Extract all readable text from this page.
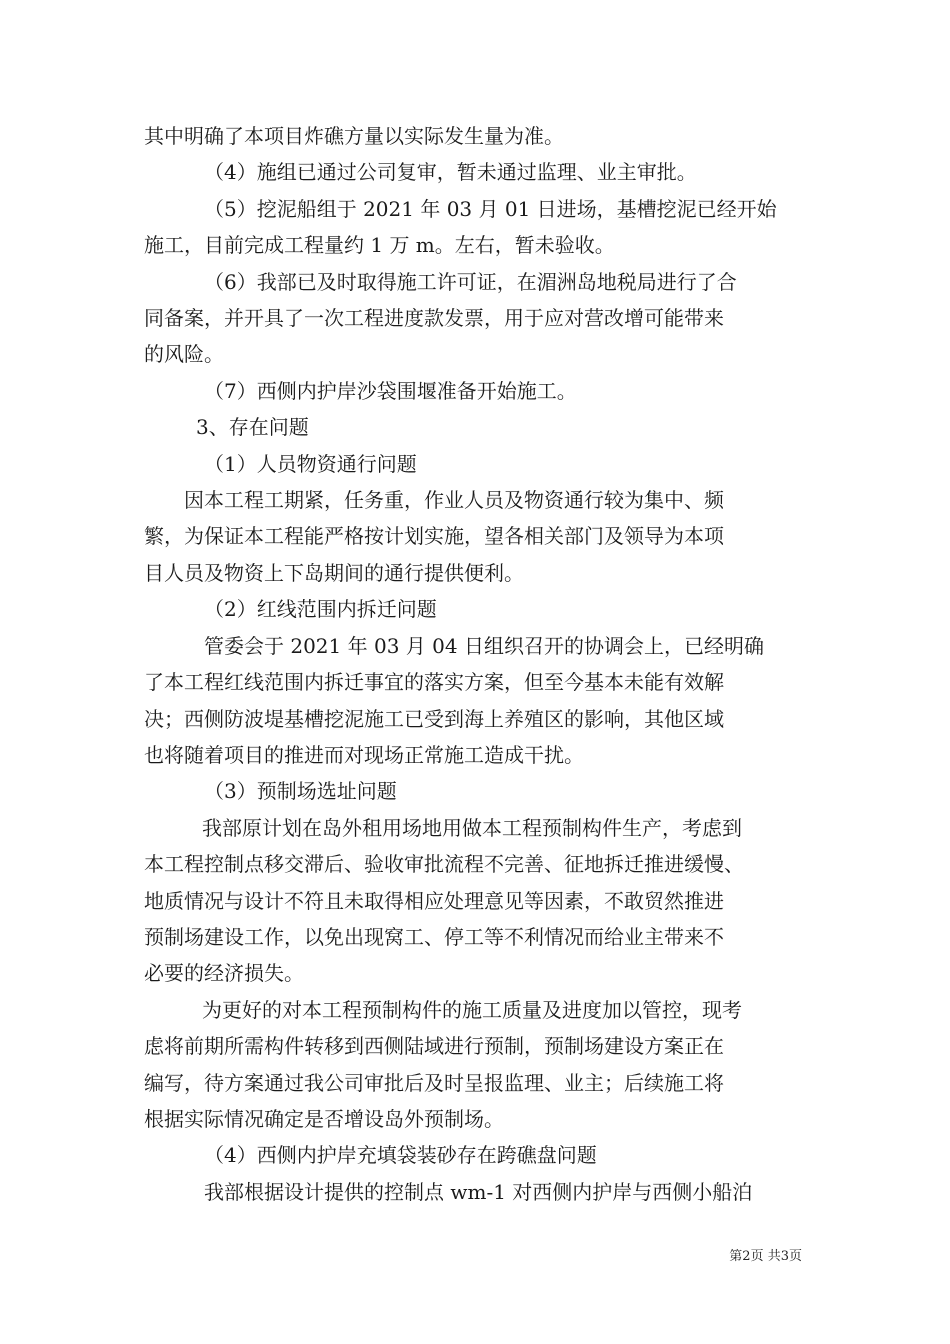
其中明确了本项目炸礁方量以实际发生量为准。

（4）施组已通过公司复审，暂未通过监理、业主审批。

（5）挖泥船组于 2021 年 03 月 01 日进场，基槽挖泥已经开始
施工，目前完成工程量约 1 万 m。左右，暂未验收。

（6）我部已及时取得施工许可证，在湄洲岛地税局进行了合
同备案，并开具了一次工程进度款发票，用于应对营改增可能带来
的风险。

（7）西侧内护岸沙袋围堰准备开始施工。

3、存在问题

（1）人员物资通行问题

因本工程工期紧，任务重，作业人员及物资通行较为集中、频
繁，为保证本工程能严格按计划实施，望各相关部门及领导为本项
目人员及物资上下岛期间的通行提供便利。

（2）红线范围内拆迁问题

管委会于 2021 年 03 月 04 日组织召开的协调会上，已经明确
了本工程红线范围内拆迁事宜的落实方案，但至今基本未能有效解
决；西侧防波堤基槽挖泥施工已受到海上养殖区的影响，其他区域
也将随着项目的推进而对现场正常施工造成干扰。

（3）预制场选址问题

我部原计划在岛外租用场地用做本工程预制构件生产，考虑到
本工程控制点移交滞后、验收审批流程不完善、征地拆迁推进缓慢、
地质情况与设计不符且未取得相应处理意见等因素，不敢贸然推进
预制场建设工作，以免出现窝工、停工等不利情况而给业主带来不
必要的经济损失。

为更好的对本工程预制构件的施工质量及进度加以管控，现考
虑将前期所需构件转移到西侧陆域进行预制，预制场建设方案正在
编写，待方案通过我公司审批后及时呈报监理、业主；后续施工将
根据实际情况确定是否增设岛外预制场。

（4）西侧内护岸充填袋装砂存在跨礁盘问题

我部根据设计提供的控制点 wm-1 对西侧内护岸与西侧小船泊

第2页 共3页
